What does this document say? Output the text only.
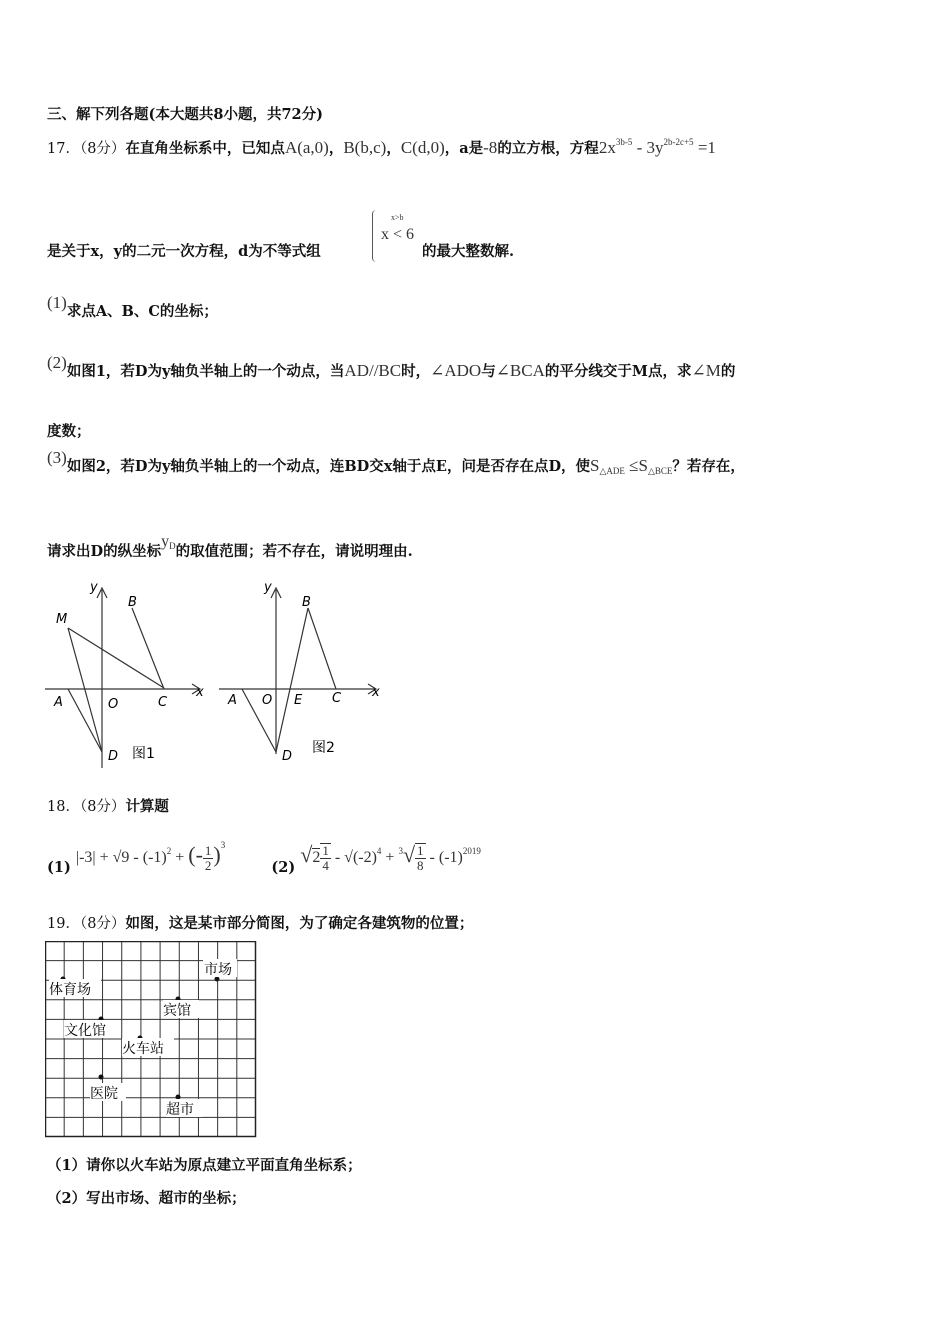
三、解下列各题(本大题共8小题，共72分)
17．（8分）在直角坐标系中，已知点A(a,0)，B(b,c)，C(d,0)，a是-8的立方根，方程$2x^{3b-5} - 3y^{2b-2c+5} =1$
是关于x，y的二元一次方程，d为不等式组
x>b
x < 6
的最大整数解.
(1)求点A、B、C的坐标；
(2)如图1，若D为y轴负半轴上的一个动点，当AD//BC时，∠ADO与∠BCA的平分线交于M点，求∠M的
度数；
(3)如图2，若D为y轴负半轴上的一个动点，连BD交x轴于点E，问是否存在点D，使$S_{\triangle ADE} \le S_{\triangle BCE}$？若存在，
请求出D的纵坐标$y_D$的取值范围；若不存在，请说明理由.
y
x
M
B
A	O	C
D 图1
y
x
B
A O E C
D
图2
18．（8分）计算题
(1) $|-3| + √9 - (-1)^2$ + (- $\frac{1}{2} )^3$  (2) $√2 \frac{1}{4} - √(-2)^4 + ^3√ \frac{1}{8} - (-1)^{2019}$
19．（8分）如图，这是某市部分简图，为了确定各建筑物的位置；
市场
体育场
宾馆
文化馆
火车站
医院
超市
（1）请你以火车站为原点建立平面直角坐标系；
（2）写出市场、超市的坐标；
